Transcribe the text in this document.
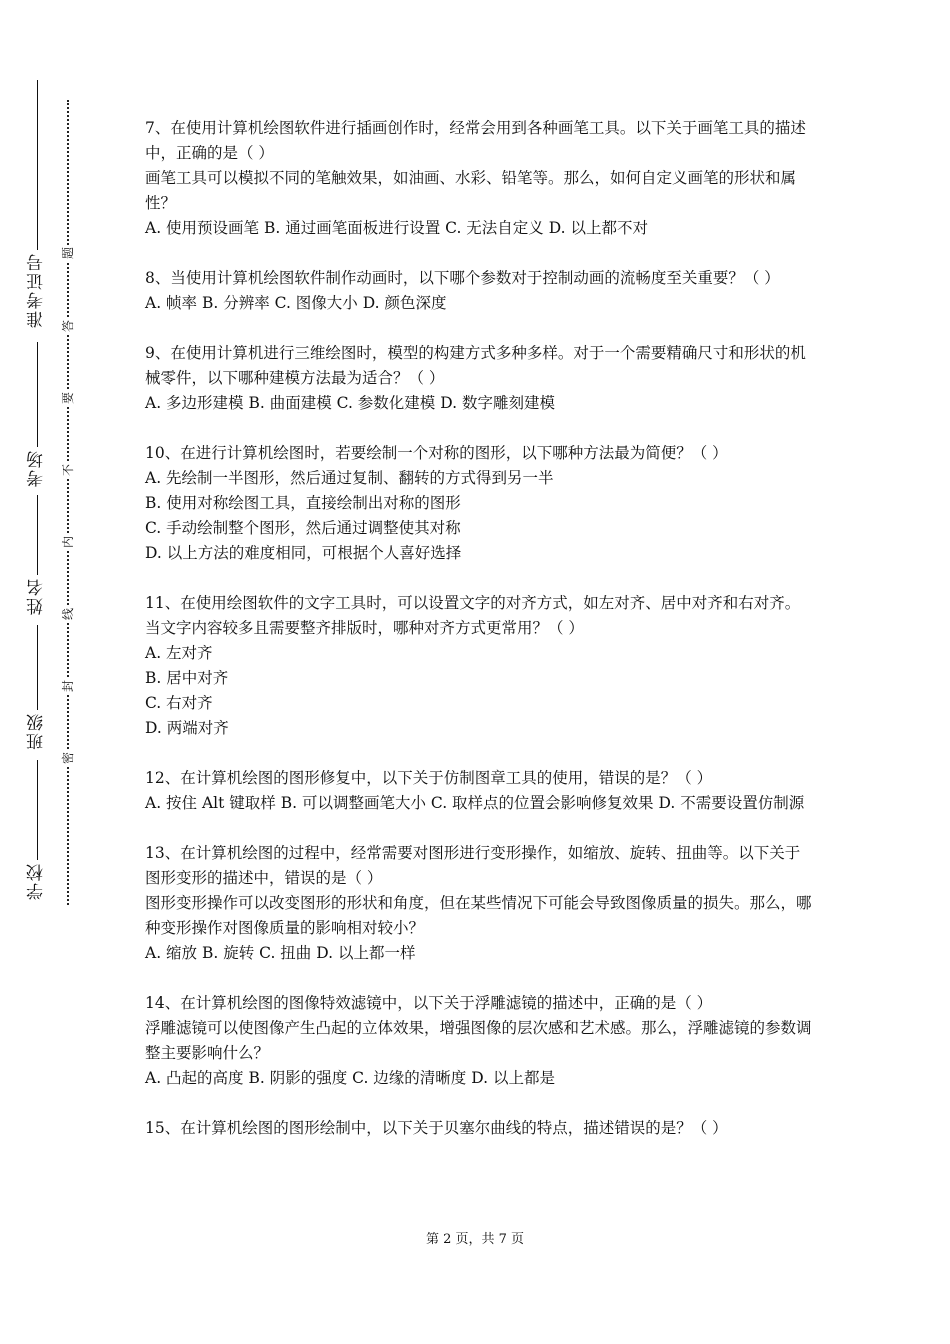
准考证号
考场
姓名
班级
学校
题
答
要
不
内
线
封
密

7、在使用计算机绘图软件进行插画创作时，经常会用到各种画笔工具。以下关于画笔工具的描述中，正确的是（ ）

画笔工具可以模拟不同的笔触效果，如油画、水彩、铅笔等。那么，如何自定义画笔的形状和属性？

A. 使用预设画笔 B. 通过画笔面板进行设置 C. 无法自定义 D. 以上都不对

8、当使用计算机绘图软件制作动画时，以下哪个参数对于控制动画的流畅度至关重要？（ ）

A. 帧率 B. 分辨率 C. 图像大小 D. 颜色深度

9、在使用计算机进行三维绘图时，模型的构建方式多种多样。对于一个需要精确尺寸和形状的机械零件，以下哪种建模方法最为适合？（ ）

A. 多边形建模 B. 曲面建模 C. 参数化建模 D. 数字雕刻建模

10、在进行计算机绘图时，若要绘制一个对称的图形，以下哪种方法最为简便？（ ）

A. 先绘制一半图形，然后通过复制、翻转的方式得到另一半

B. 使用对称绘图工具，直接绘制出对称的图形

C. 手动绘制整个图形，然后通过调整使其对称

D. 以上方法的难度相同，可根据个人喜好选择

11、在使用绘图软件的文字工具时，可以设置文字的对齐方式，如左对齐、居中对齐和右对齐。当文字内容较多且需要整齐排版时，哪种对齐方式更常用？（ ）

A. 左对齐

B. 居中对齐

C. 右对齐

D. 两端对齐

12、在计算机绘图的图形修复中，以下关于仿制图章工具的使用，错误的是？（ ）

A. 按住 Alt 键取样 B. 可以调整画笔大小 C. 取样点的位置会影响修复效果 D. 不需要设置仿制源

13、在计算机绘图的过程中，经常需要对图形进行变形操作，如缩放、旋转、扭曲等。以下关于图形变形的描述中，错误的是（ ）

图形变形操作可以改变图形的形状和角度，但在某些情况下可能会导致图像质量的损失。那么，哪种变形操作对图像质量的影响相对较小？

A. 缩放 B. 旋转 C. 扭曲 D. 以上都一样

14、在计算机绘图的图像特效滤镜中，以下关于浮雕滤镜的描述中，正确的是（ ）

浮雕滤镜可以使图像产生凸起的立体效果，增强图像的层次感和艺术感。那么，浮雕滤镜的参数调整主要影响什么？

A. 凸起的高度 B. 阴影的强度 C. 边缘的清晰度 D. 以上都是

15、在计算机绘图的图形绘制中，以下关于贝塞尔曲线的特点，描述错误的是？（ ）

第 2 页，共 7 页
